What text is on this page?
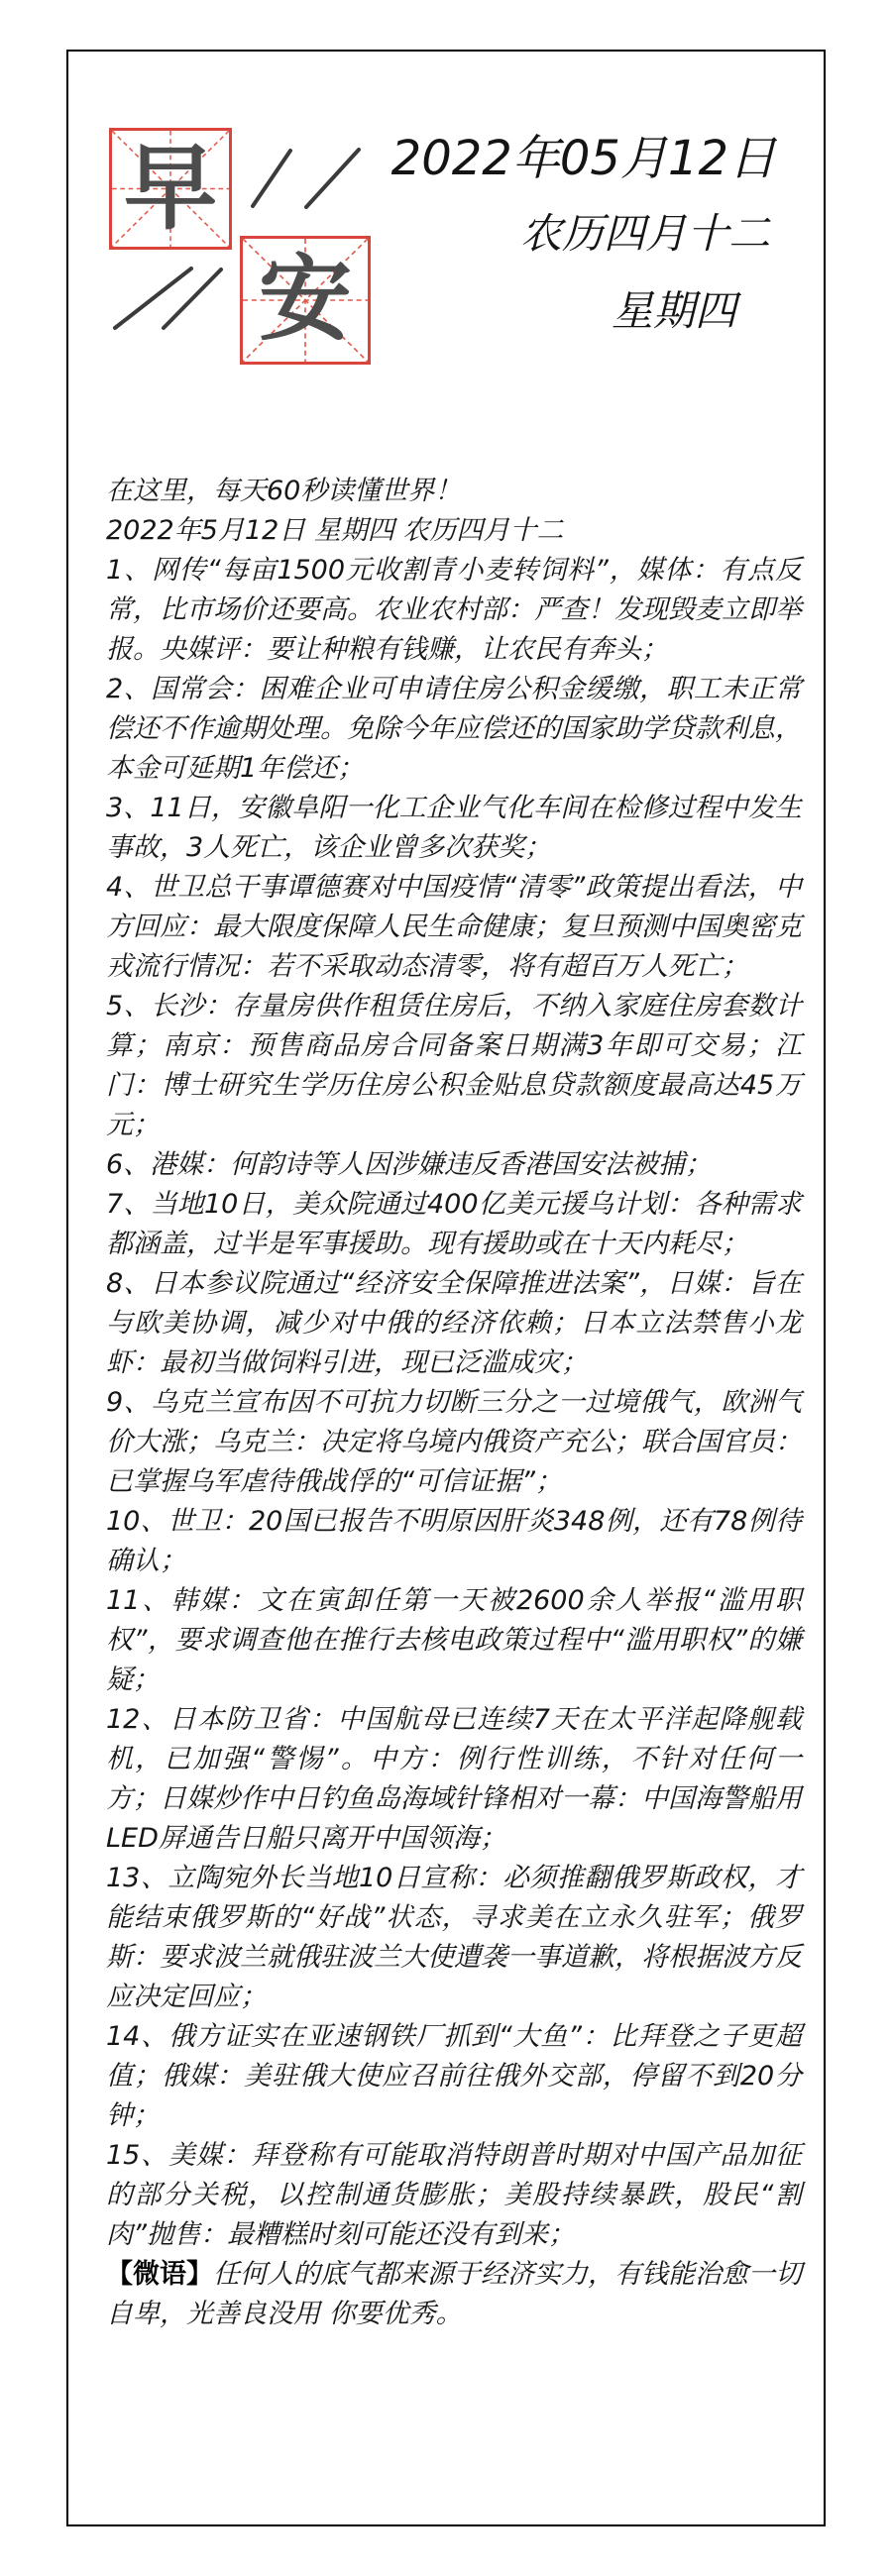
早
安
2022年05月12日
农历四月十二
星期四

在这里，每天60秒读懂世界！

2022年5月12日 星期四 农历四月十二

1、网传“每亩1500元收割青小麦转饲料”，媒体：有点反常，比市场价还要高。农业农村部：严查！发现毁麦立即举报。央媒评：要让种粮有钱赚，让农民有奔头；

2、国常会：困难企业可申请住房公积金缓缴，职工未正常偿还不作逾期处理。免除今年应偿还的国家助学贷款利息，本金可延期1年偿还；

3、11日，安徽阜阳一化工企业气化车间在检修过程中发生事故，3人死亡，该企业曾多次获奖；

4、世卫总干事谭德赛对中国疫情“清零”政策提出看法，中方回应：最大限度保障人民生命健康；复旦预测中国奥密克戎流行情况：若不采取动态清零，将有超百万人死亡；

5、长沙：存量房供作租赁住房后，不纳入家庭住房套数计算；南京：预售商品房合同备案日期满3年即可交易；江门：博士研究生学历住房公积金贴息贷款额度最高达45万元；

6、港媒：何韵诗等人因涉嫌违反香港国安法被捕；

7、当地10日，美众院通过400亿美元援乌计划：各种需求都涵盖，过半是军事援助。现有援助或在十天内耗尽；

8、日本参议院通过“经济安全保障推进法案”，日媒：旨在与欧美协调，减少对中俄的经济依赖；日本立法禁售小龙虾：最初当做饲料引进，现已泛滥成灾；

9、乌克兰宣布因不可抗力切断三分之一过境俄气，欧洲气价大涨；乌克兰：决定将乌境内俄资产充公；联合国官员：已掌握乌军虐待俄战俘的“可信证据”；

10、世卫：20国已报告不明原因肝炎348例，还有78例待确认；

11、韩媒：文在寅卸任第一天被2600余人举报“滥用职权”，要求调查他在推行去核电政策过程中“滥用职权”的嫌疑；

12、日本防卫省：中国航母已连续7天在太平洋起降舰载机，已加强“警惕”。中方：例行性训练，不针对任何一方；日媒炒作中日钓鱼岛海域针锋相对一幕：中国海警船用LED屏通告日船只离开中国领海；

13、立陶宛外长当地10日宣称：必须推翻俄罗斯政权，才能结束俄罗斯的“好战”状态，寻求美在立永久驻军；俄罗斯：要求波兰就俄驻波兰大使遭袭一事道歉，将根据波方反应决定回应；

14、俄方证实在亚速钢铁厂抓到“大鱼”：比拜登之子更超值；俄媒：美驻俄大使应召前往俄外交部，停留不到20分钟；

15、美媒：拜登称有可能取消特朗普时期对中国产品加征的部分关税，以控制通货膨胀；美股持续暴跌，股民“割肉”抛售：最糟糕时刻可能还没有到来；

【微语】任何人的底气都来源于经济实力，有钱能治愈一切自卑，光善良没用 你要优秀。
